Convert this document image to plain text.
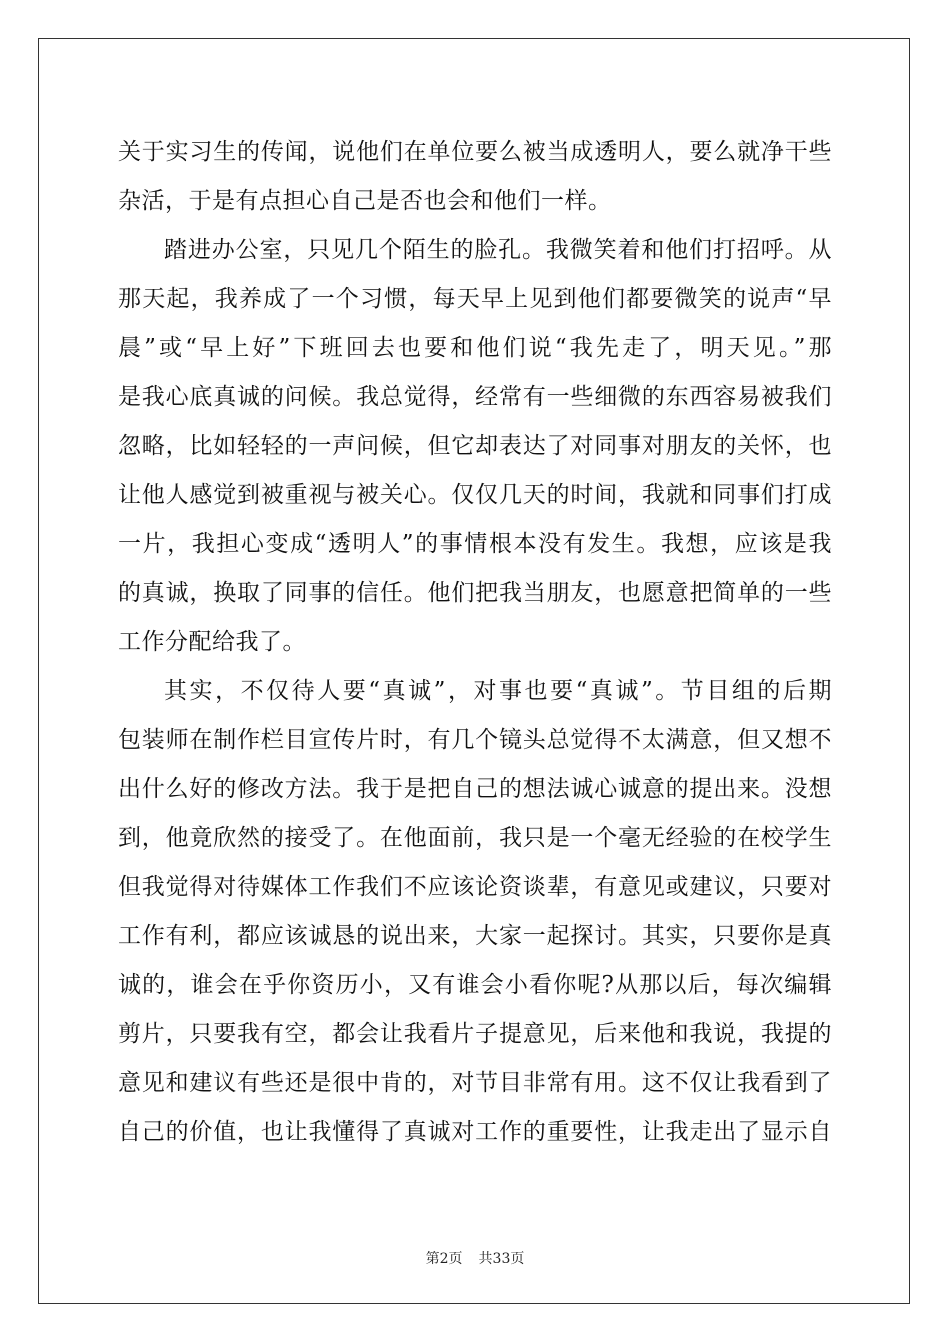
关于实习生的传闻，说他们在单位要么被当成透明人，要么就净干些
杂活，于是有点担心自己是否也会和他们一样。
踏进办公室，只见几个陌生的脸孔。我微笑着和他们打招呼。从
那天起，我养成了一个习惯，每天早上见到他们都要微笑的说声“早
晨”或“早上好”下班回去也要和他们说“我先走了，明天见。”那
是我心底真诚的问候。我总觉得，经常有一些细微的东西容易被我们
忽略，比如轻轻的一声问候，但它却表达了对同事对朋友的关怀，也
让他人感觉到被重视与被关心。仅仅几天的时间，我就和同事们打成
一片，我担心变成“透明人”的事情根本没有发生。我想，应该是我
的真诚，换取了同事的信任。他们把我当朋友，也愿意把简单的一些
工作分配给我了。
其实，不仅待人要“真诚”，对事也要“真诚”。节目组的后期
包装师在制作栏目宣传片时，有几个镜头总觉得不太满意，但又想不
出什么好的修改方法。我于是把自己的想法诚心诚意的提出来。没想
到，他竟欣然的接受了。在他面前，我只是一个毫无经验的在校学生
但我觉得对待媒体工作我们不应该论资谈辈，有意见或建议，只要对
工作有利，都应该诚恳的说出来，大家一起探讨。其实，只要你是真
诚的，谁会在乎你资历小，又有谁会小看你呢?从那以后，每次编辑
剪片，只要我有空，都会让我看片子提意见，后来他和我说，我提的
意见和建议有些还是很中肯的，对节目非常有用。这不仅让我看到了
自己的价值，也让我懂得了真诚对工作的重要性，让我走出了显示自
第2页 共33页
